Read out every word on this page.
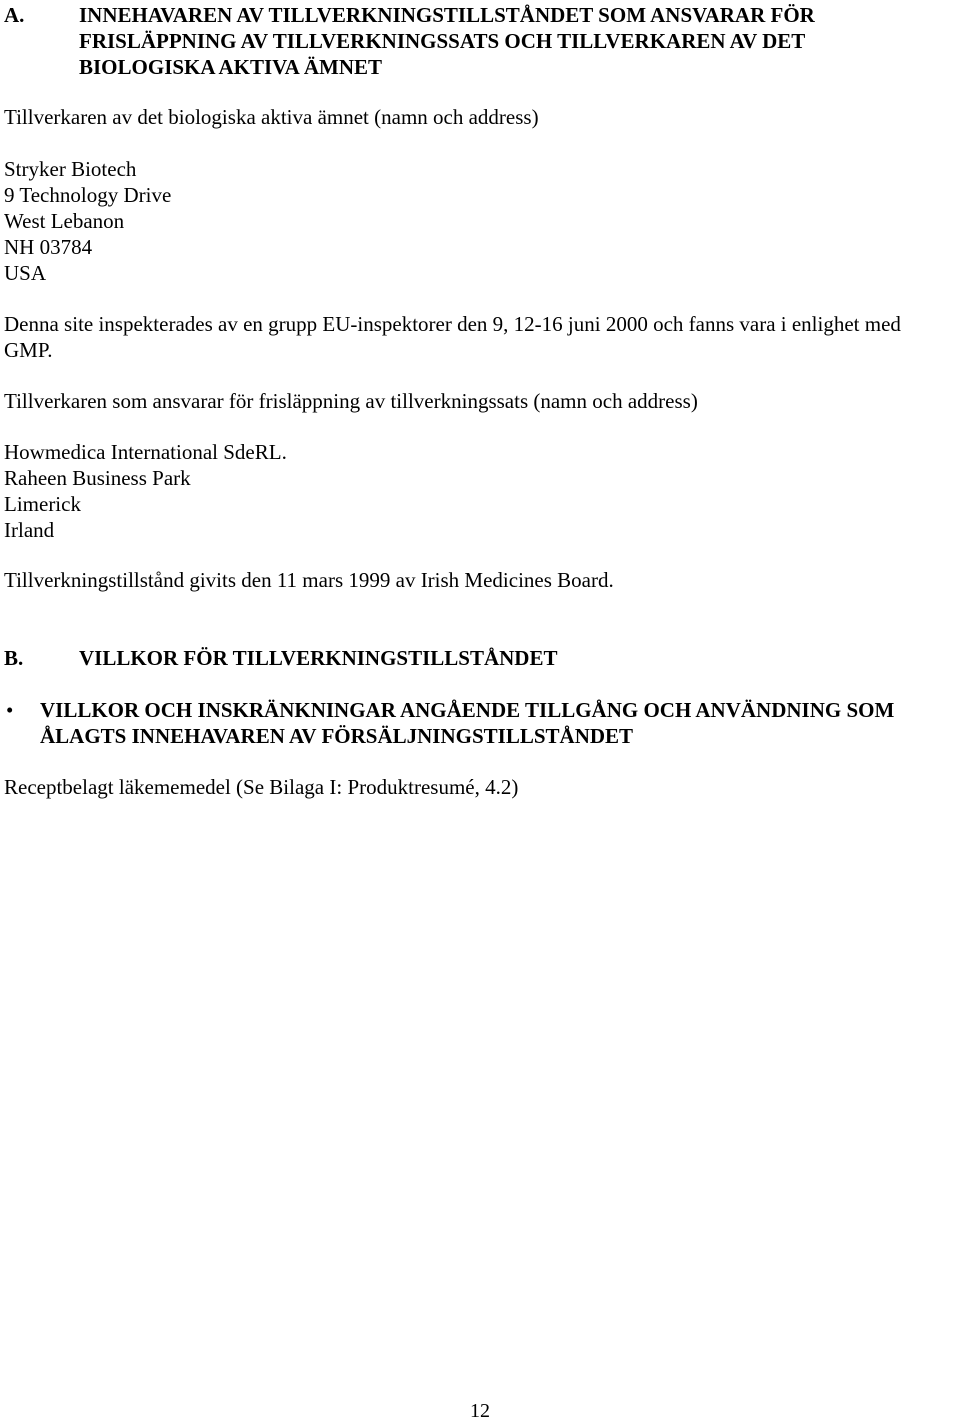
A.	INNEHAVAREN AV TILLVERKNINGSTILLSTÅNDET SOM ANSVARAR FÖR
FRISLÄPPNING AV TILLVERKNINGSSATS OCH TILLVERKAREN AV DET
BIOLOGISKA AKTIVA ÄMNET
Tillverkaren av det biologiska aktiva ämnet (namn och address)
Stryker Biotech
9 Technology Drive
West Lebanon
NH 03784
USA
Denna site inspekterades av en grupp EU-inspektorer den 9, 12-16 juni 2000 och fanns vara i enlighet med
GMP.
Tillverkaren som ansvarar för frisläppning av tillverkningssats (namn och address)
Howmedica International SdeRL.
Raheen Business Park
Limerick
Irland
Tillverkningstillstånd givits den 11 mars 1999 av Irish Medicines Board.
B.	VILLKOR FÖR TILLVERKNINGSTILLSTÅNDET
• VILLKOR OCH INSKRÄNKNINGAR ANGÅENDE TILLGÅNG OCH ANVÄNDNING SOM
ÅLAGTS INNEHAVAREN AV FÖRSÄLJNINGSTILLSTÅNDET
Receptbelagt läkememedel (Se Bilaga I: Produktresumé, 4.2)
12
